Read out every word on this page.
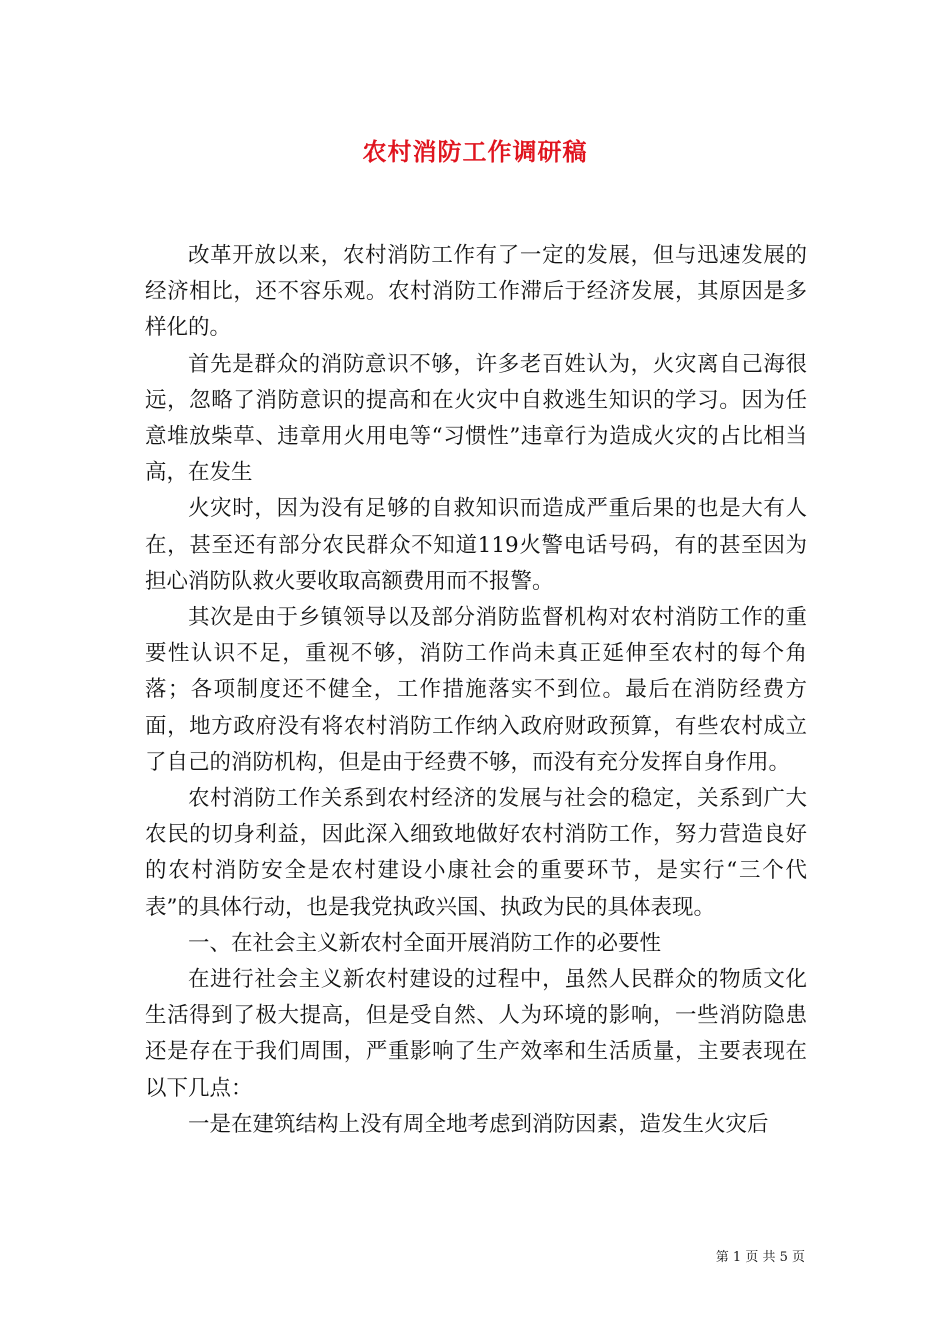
农村消防工作调研稿

改革开放以来，农村消防工作有了一定的发展，但与迅速发展的经济相比，还不容乐观。农村消防工作滞后于经济发展，其原因是多样化的。

首先是群众的消防意识不够，许多老百姓认为，火灾离自己海很远，忽略了消防意识的提高和在火灾中自救逃生知识的学习。因为任意堆放柴草、违章用火用电等“习惯性”违章行为造成火灾的占比相当高，在发生

火灾时，因为没有足够的自救知识而造成严重后果的也是大有人在，甚至还有部分农民群众不知道119火警电话号码，有的甚至因为担心消防队救火要收取高额费用而不报警。

其次是由于乡镇领导以及部分消防监督机构对农村消防工作的重要性认识不足，重视不够，消防工作尚未真正延伸至农村的每个角落；各项制度还不健全，工作措施落实不到位。最后在消防经费方面，地方政府没有将农村消防工作纳入政府财政预算，有些农村成立了自己的消防机构，但是由于经费不够，而没有充分发挥自身作用。

农村消防工作关系到农村经济的发展与社会的稳定，关系到广大农民的切身利益，因此深入细致地做好农村消防工作，努力营造良好的农村消防安全是农村建设小康社会的重要环节，是实行“三个代表”的具体行动，也是我党执政兴国、执政为民的具体表现。

一、在社会主义新农村全面开展消防工作的必要性

在进行社会主义新农村建设的过程中，虽然人民群众的物质文化生活得到了极大提高，但是受自然、人为环境的影响，一些消防隐患还是存在于我们周围，严重影响了生产效率和生活质量，主要表现在以下几点：

一是在建筑结构上没有周全地考虑到消防因素，造发生火灾后

第 1 页 共 5 页
